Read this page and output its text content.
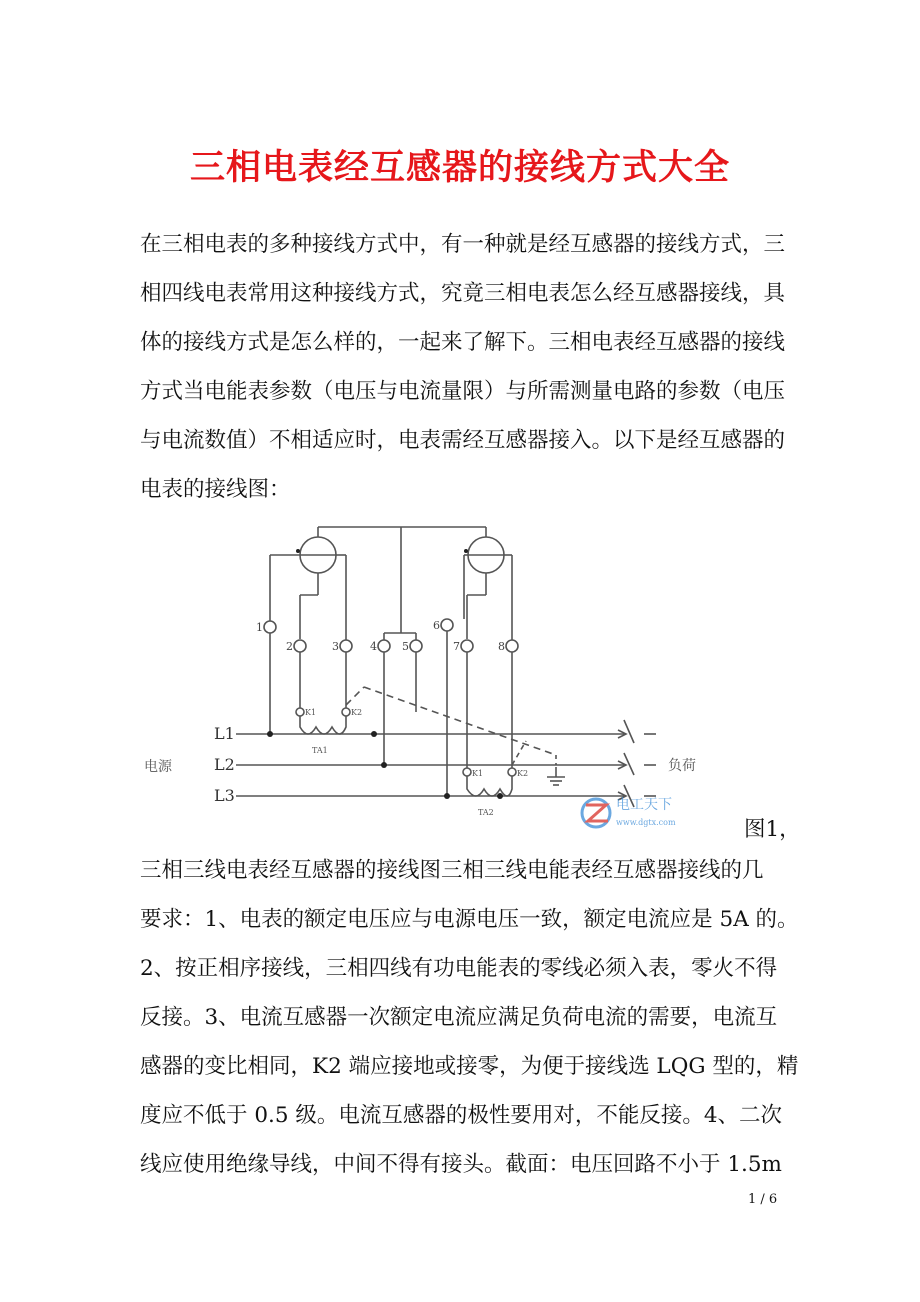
三相电表经互感器的接线方式大全
在三相电表的多种接线方式中，有一种就是经互感器的接线方式，三
相四线电表常用这种接线方式，究竟三相电表怎么经互感器接线，具
体的接线方式是怎么样的，一起来了解下。三相电表经互感器的接线
方式当电能表参数（电压与电流量限）与所需测量电路的参数（电压
与电流数值）不相适应时，电表需经互感器接入。以下是经互感器的
电表的接线图：
1
2	3	4 5
6
7	8
L1
L2
L3
K1	K2
K1	K2
TA1
TA2
电源	负荷
电工天下
www.dgtx.com	图1，
三相三线电表经互感器的接线图三相三线电能表经互感器接线的几
要求：1、电表的额定电压应与电源电压一致，额定电流应是 5A 的。
2、按正相序接线，三相四线有功电能表的零线必须入表，零火不得
反接。3、电流互感器一次额定电流应满足负荷电流的需要，电流互
感器的变比相同，K2 端应接地或接零，为便于接线选 LQG 型的，精
度应不低于 0.5 级。电流互感器的极性要用对，不能反接。4、二次
线应使用绝缘导线，中间不得有接头。截面：电压回路不小于 1.5m
1 / 6
